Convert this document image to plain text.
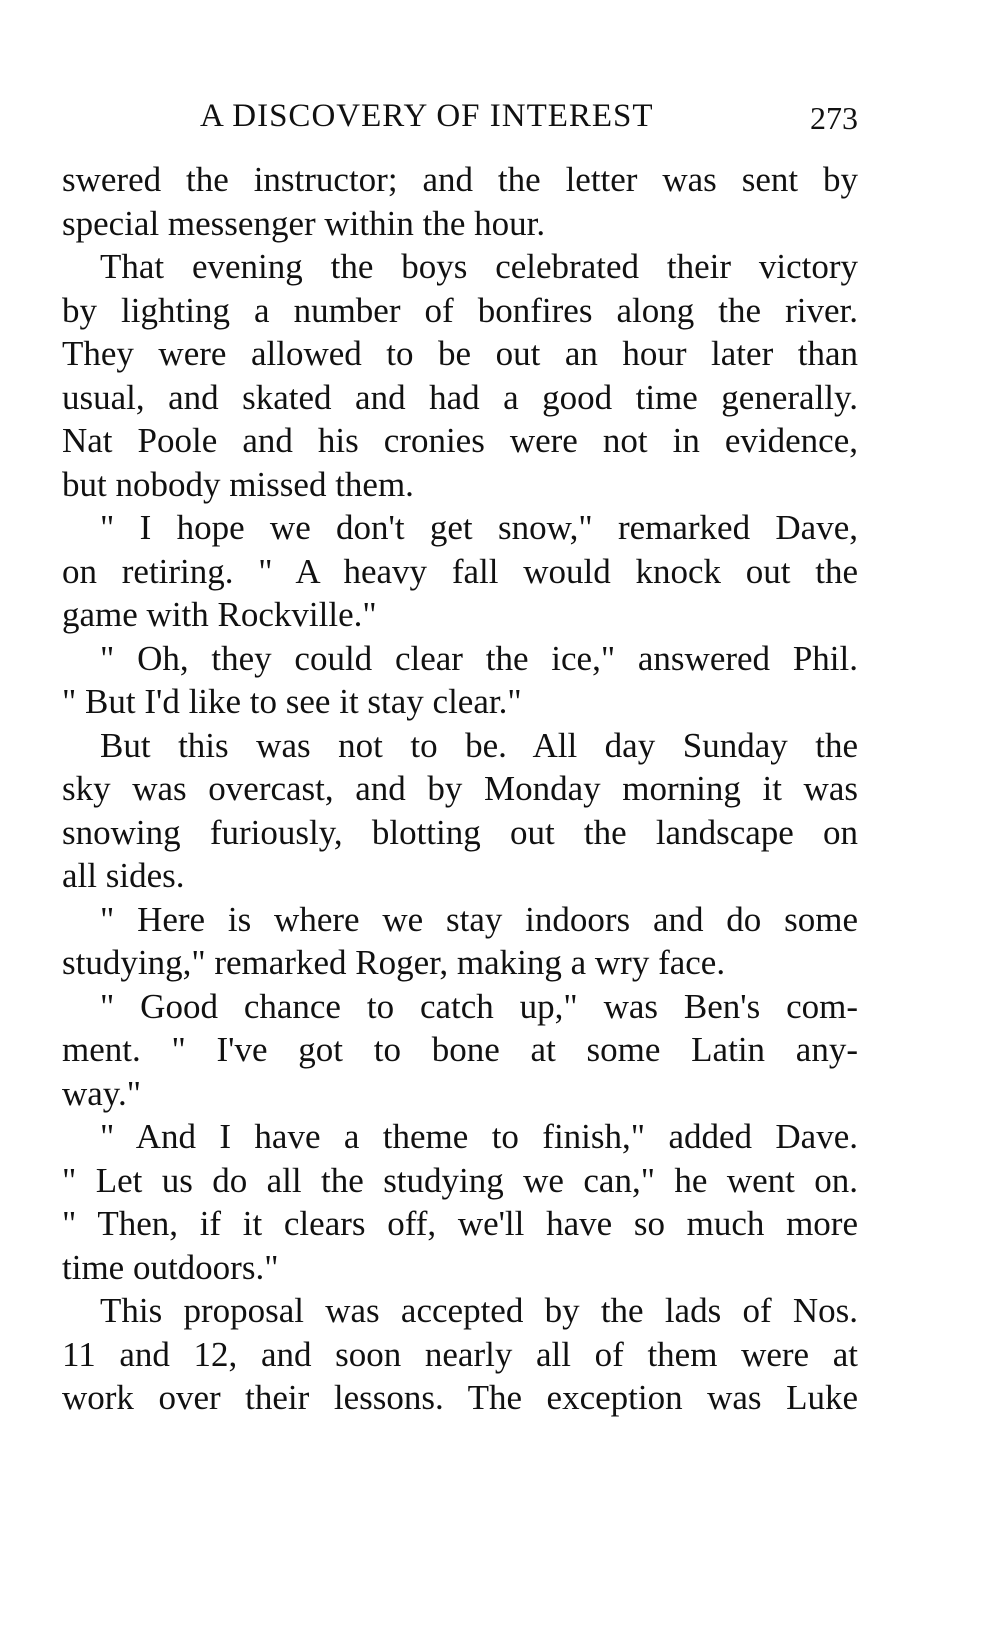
A DISCOVERY OF INTEREST	273
swered the instructor; and the letter was sent by
special messenger within the hour.
That evening the boys celebrated their victory
by lighting a number of bonfires along the river.
They were allowed to be out an hour later than
usual, and skated and had a good time generally.
Nat Poole and his cronies were not in evidence,
but nobody missed them.
" I hope we don't get snow," remarked Dave,
on retiring. " A heavy fall would knock out the
game with Rockville."
" Oh, they could clear the ice," answered Phil.
" But I'd like to see it stay clear."
But this was not to be. All day Sunday the
sky was overcast, and by Monday morning it was
snowing furiously, blotting out the landscape on
all sides.
" Here is where we stay indoors and do some
studying," remarked Roger, making a wry face.
" Good chance to catch up," was Ben's com-
ment. " I've got to bone at some Latin any-
way."
" And I have a theme to finish," added Dave.
" Let us do all the studying we can," he went on.
" Then, if it clears off, we'll have so much more
time outdoors."
This proposal was accepted by the lads of Nos.
11 and 12, and soon nearly all of them were at
work over their lessons. The exception was Luke
